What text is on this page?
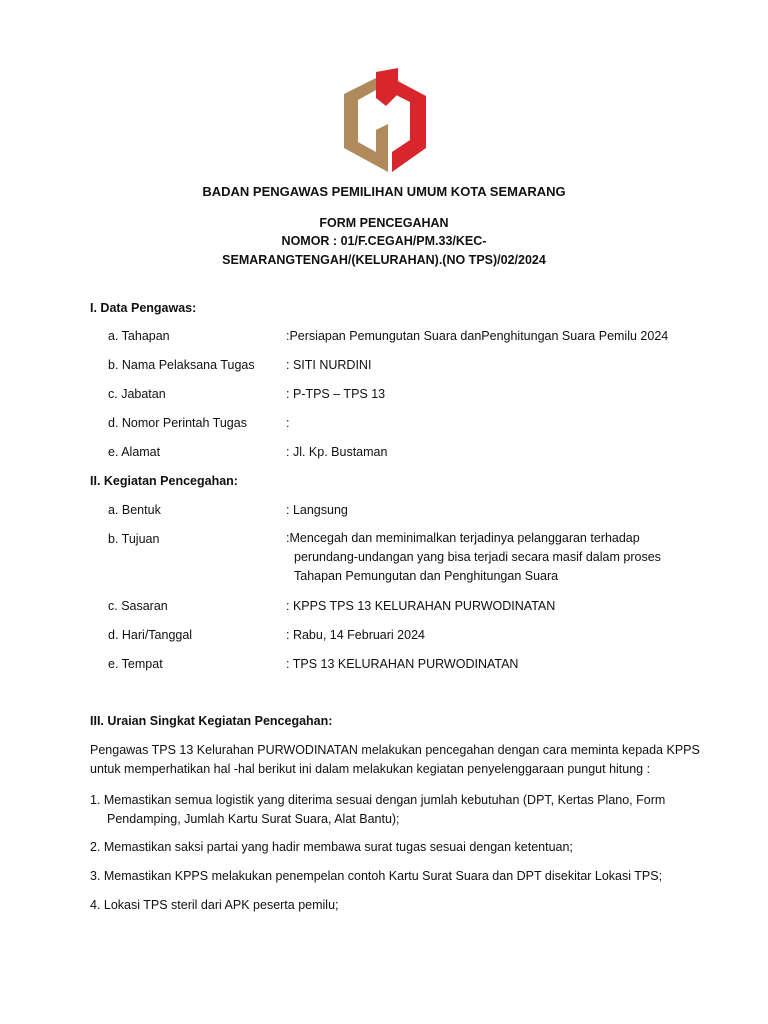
BADAN PENGAWAS PEMILIHAN UMUM KOTA SEMARANG
FORM PENCEGAHAN
NOMOR : 01/F.CEGAH/PM.33/KEC-
SEMARANGTENGAH/(KELURAHAN).(NO TPS)/02/2024
I. Data Pengawas:
a. Tahapan	:Persiapan Pemungutan Suara danPenghitungan Suara Pemilu 2024
b. Nama Pelaksana Tugas	: SITI NURDINI
c. Jabatan	: P-TPS – TPS 13
d. Nomor Perintah Tugas	:
e. Alamat	: Jl. Kp. Bustaman
II. Kegiatan Pencegahan:
a. Bentuk	: Langsung
b. Tujuan	:Mencegah dan meminimalkan terjadinya pelanggaran terhadap
perundang-undangan yang bisa terjadi secara masif dalam proses
Tahapan Pemungutan dan Penghitungan Suara
c. Sasaran	: KPPS TPS 13 KELURAHAN PURWODINATAN
d. Hari/Tanggal	: Rabu, 14 Februari 2024
e. Tempat	: TPS 13 KELURAHAN PURWODINATAN
III. Uraian Singkat Kegiatan Pencegahan:
Pengawas TPS 13 Kelurahan PURWODINATAN melakukan pencegahan dengan cara meminta kepada KPPS
untuk memperhatikan hal -hal berikut ini dalam melakukan kegiatan penyelenggaraan pungut hitung :
1. Memastikan semua logistik yang diterima sesuai dengan jumlah kebutuhan (DPT, Kertas Plano, Form
Pendamping, Jumlah Kartu Surat Suara, Alat Bantu);
2. Memastikan saksi partai yang hadir membawa surat tugas sesuai dengan ketentuan;
3. Memastikan KPPS melakukan penempelan contoh Kartu Surat Suara dan DPT disekitar Lokasi TPS;
4. Lokasi TPS steril dari APK peserta pemilu;
